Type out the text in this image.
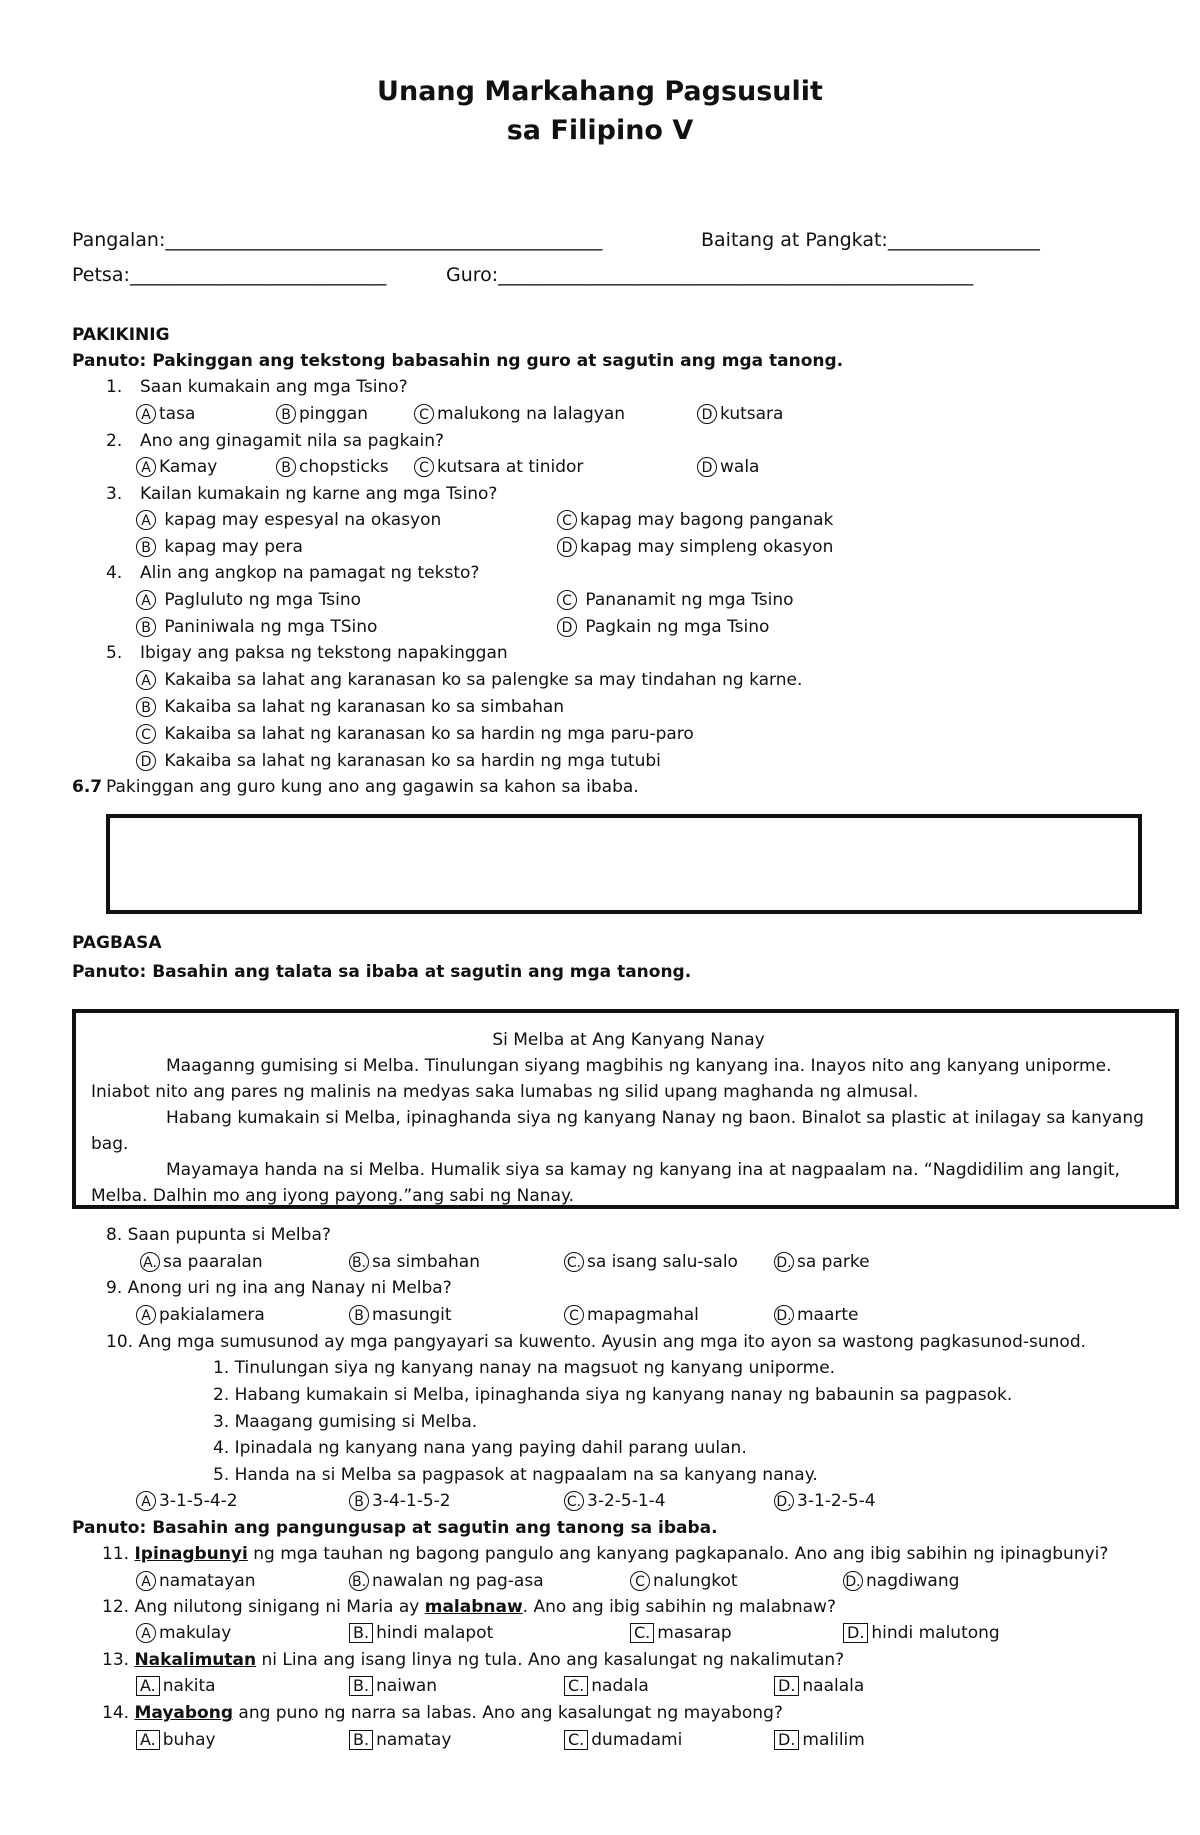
Unang Markahang Pagsusulit
sa Filipino V
Pangalan:______________________________________________	Baitang at Pangkat:________________
Petsa:___________________________	Guro:__________________________________________________
PAKIKINIG
Panuto: Pakinggan ang tekstong babasahin ng guro at sagutin ang mga tanong.
1. Saan kumakain ang mga Tsino?
A tasa	B pinggan	C malukong na lalagyan	D kutsara
2. Ano ang ginagamit nila sa pagkain?
A Kamay	B chopsticks	C kutsara at tinidor	D wala
3. Kailan kumakain ng karne ang mga Tsino?
A kapag may espesyal na okasyon
B kapag may pera
C kapag may bagong panganak
D kapag may simpleng okasyon
4. Alin ang angkop na pamagat ng teksto?
A Pagluluto ng mga Tsino
B Paniniwala ng mga TSino
C Pananamit ng mga Tsino
D Pagkain ng mga Tsino
5. Ibigay ang paksa ng tekstong napakinggan
A Kakaiba sa lahat ang karanasan ko sa palengke sa may tindahan ng karne.
B Kakaiba sa lahat ng karanasan ko sa simbahan
C Kakaiba sa lahat ng karanasan ko sa hardin ng mga paru-paro
D Kakaiba sa lahat ng karanasan ko sa hardin ng mga tutubi
6.7 Pakinggan ang guro kung ano ang gagawin sa kahon sa ibaba.
PAGBASA
Panuto: Basahin ang talata sa ibaba at sagutin ang mga tanong.

Si Melba at Ang Kanyang Nanay

Maaganng gumising si Melba. Tinulungan siyang magbihis ng kanyang ina. Inayos nito ang kanyang uniporme. Iniabot nito ang pares ng malinis na medyas saka lumabas ng silid upang maghanda ng almusal.

Habang kumakain si Melba, ipinaghanda siya ng kanyang Nanay ng baon. Binalot sa plastic at inilagay sa kanyang bag.

Mayamaya handa na si Melba. Humalik siya sa kamay ng kanyang ina at nagpaalam na. “Nagdidilim ang langit, Melba. Dalhin mo ang iyong payong.”ang sabi ng Nanay.

8. Saan pupunta si Melba?
A. sa paaralan	B. sa simbahan	C. sa isang salu-salo	D. sa parke
9. Anong uri ng ina ang Nanay ni Melba?
A pakialamera	B masungit	C mapagmahal	D. maarte
10. Ang mga sumusunod ay mga pangyayari sa kuwento. Ayusin ang mga ito ayon sa wastong pagkasunod-sunod.
1. Tinulungan siya ng kanyang nanay na magsuot ng kanyang uniporme.
2. Habang kumakain si Melba, ipinaghanda siya ng kanyang nanay ng babaunin sa pagpasok.
3. Maagang gumising si Melba.
4. Ipinadala ng kanyang nana yang paying dahil parang uulan.
5. Handa na si Melba sa pagpasok at nagpaalam na sa kanyang nanay.
A 3-1-5-4-2	B 3-4-1-5-2	C. 3-2-5-1-4	D. 3-1-2-5-4
Panuto: Basahin ang pangungusap at sagutin ang tanong sa ibaba.
11. Ipinagbunyi ng mga tauhan ng bagong pangulo ang kanyang pagkapanalo. Ano ang ibig sabihin ng ipinagbunyi?
A namatayan	B. nawalan ng pag-asa	C nalungkot	D. nagdiwang
12. Ang nilutong sinigang ni Maria ay malabnaw. Ano ang ibig sabihin ng malabnaw?
A makulay	B. hindi malapot	C. masarap	D. hindi malutong
13. Nakalimutan ni Lina ang isang linya ng tula. Ano ang kasalungat ng nakalimutan?
A. nakita	B. naiwan	C. nadala	D. naalala
14. Mayabong ang puno ng narra sa labas. Ano ang kasalungat ng mayabong?
A. buhay	B. namatay	C. dumadami	D. malilim
